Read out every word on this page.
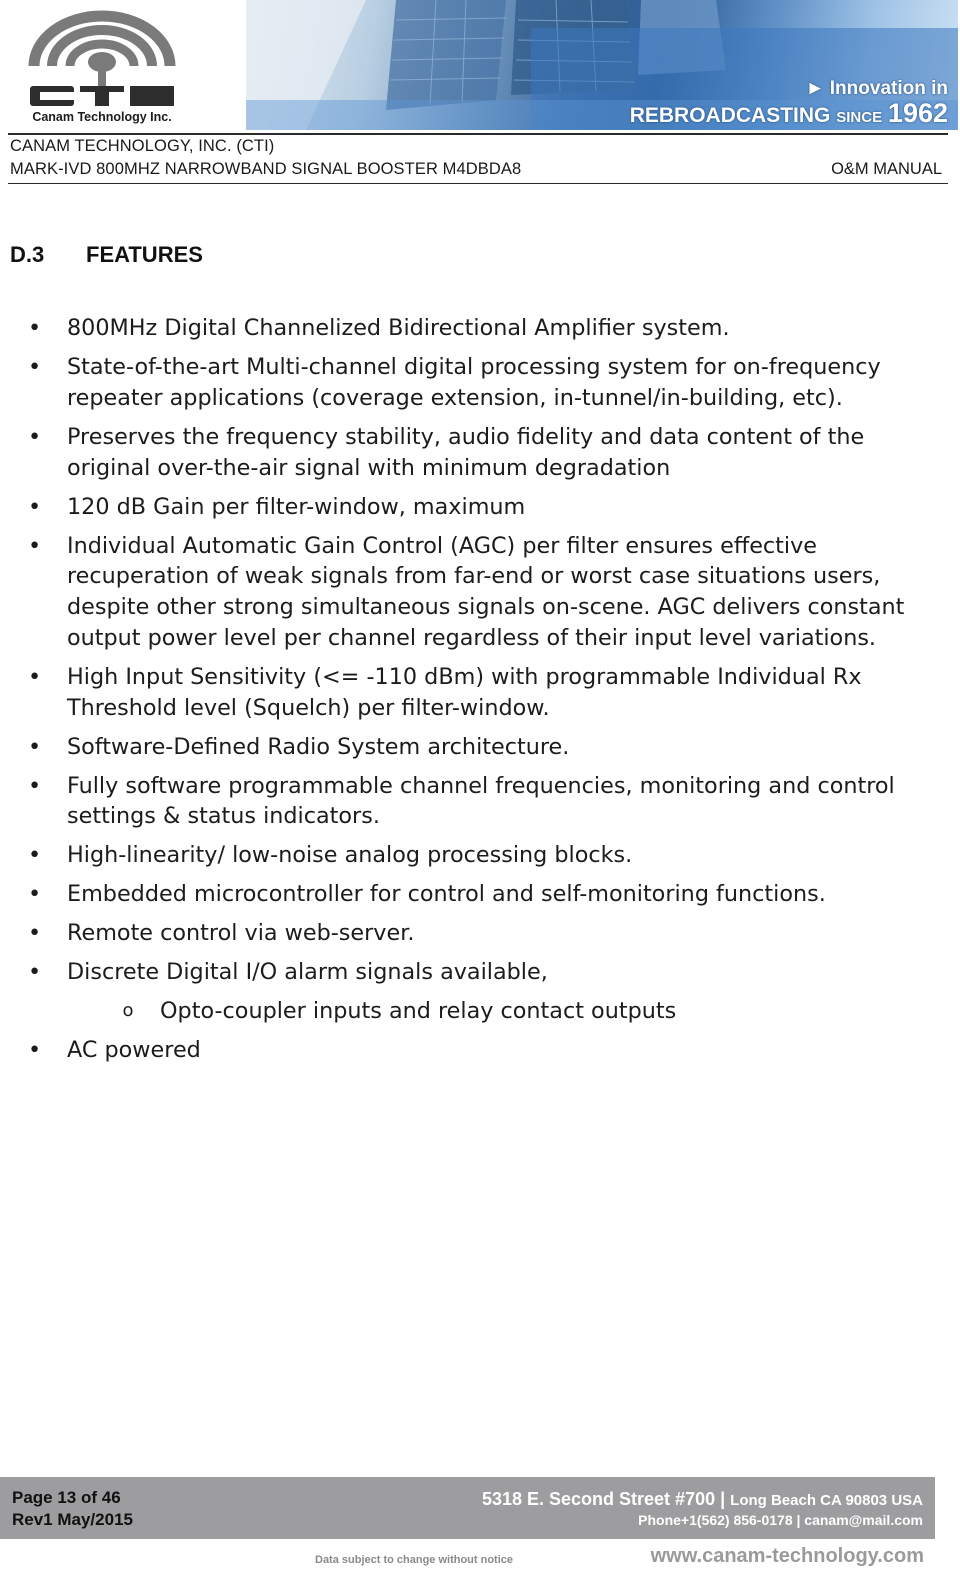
Canam Technology Inc.
► Innovation in
REBROADCASTING SINCE 1962
CANAM TECHNOLOGY, INC. (CTI)
MARK-IVD 800MHZ NARROWBAND SIGNAL BOOSTER M4DBDA8	O&M MANUAL
D.3 FEATURES
• 800MHz Digital Channelized Bidirectional Amplifier system.
• State-of-the-art Multi-channel digital processing system for on-frequency repeater applications (coverage extension, in-tunnel/in-building, etc).
• Preserves the frequency stability, audio fidelity and data content of the original over-the-air signal with minimum degradation
• 120 dB Gain per filter-window, maximum
• Individual Automatic Gain Control (AGC) per filter ensures effective recuperation of weak signals from far-end or worst case situations users, despite other strong simultaneous signals on-scene. AGC delivers constant output power level per channel regardless of their input level variations.
• High Input Sensitivity (<= -110 dBm) with programmable Individual Rx Threshold level (Squelch) per filter-window.
• Software-Defined Radio System architecture.
• Fully software programmable channel frequencies, monitoring and control settings & status indicators.
• High-linearity/ low-noise analog processing blocks.
• Embedded microcontroller for control and self-monitoring functions.
• Remote control via web-server.
• Discrete Digital I/O alarm signals available,
o Opto-coupler inputs and relay contact outputs
• AC powered
Page 13 of 46
Rev1 May/2015
5318 E. Second Street #700 | Long Beach CA 90803 USA
Phone+1(562) 856-0178 | canam@mail.com
Data subject to change without notice	www.canam-technology.com
